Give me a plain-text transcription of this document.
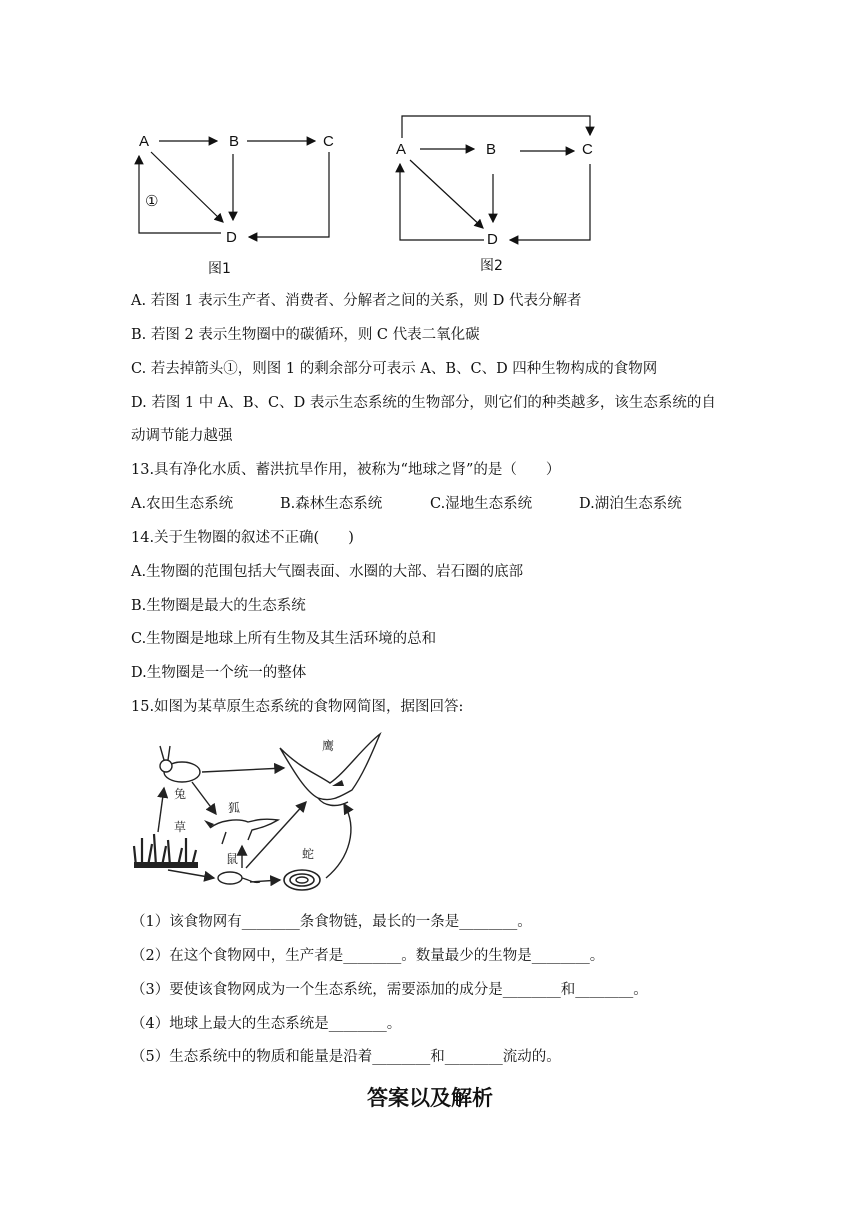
A	B	C
D
①
图1
A	B	C
D
图2
A. 若图 1 表示生产者、消费者、分解者之间的关系，则 D 代表分解者
B. 若图 2 表示生物圈中的碳循环，则 C 代表二氧化碳
C. 若去掉箭头①，则图 1 的剩余部分可表示 A、B、C、D 四种生物构成的食物网
D. 若图 1 中 A、B、C、D 表示生态系统的生物部分，则它们的种类越多，该生态系统的自
动调节能力越强
13.具有净化水质、蓄洪抗旱作用，被称为“地球之肾”的是（　　）
A.农田生态系统	B.森林生态系统	C.湿地生态系统	D.湖泊生态系统
14.关于生物圈的叙述不正确(　　)
A.生物圈的范围包括大气圈表面、水圈的大部、岩石圈的底部
B.生物圈是最大的生态系统
C.生物圈是地球上所有生物及其生活环境的总和
D.生物圈是一个统一的整体
15.如图为某草原生态系统的食物网简图，据图回答:
鹰
兔
狐
草
鼠	蛇
（1）该食物网有________条食物链，最长的一条是________。
（2）在这个食物网中，生产者是________。数量最少的生物是________。
（3）要使该食物网成为一个生态系统，需要添加的成分是________和________。
（4）地球上最大的生态系统是________。
（5）生态系统中的物质和能量是沿着________和________流动的。
答案以及解析
